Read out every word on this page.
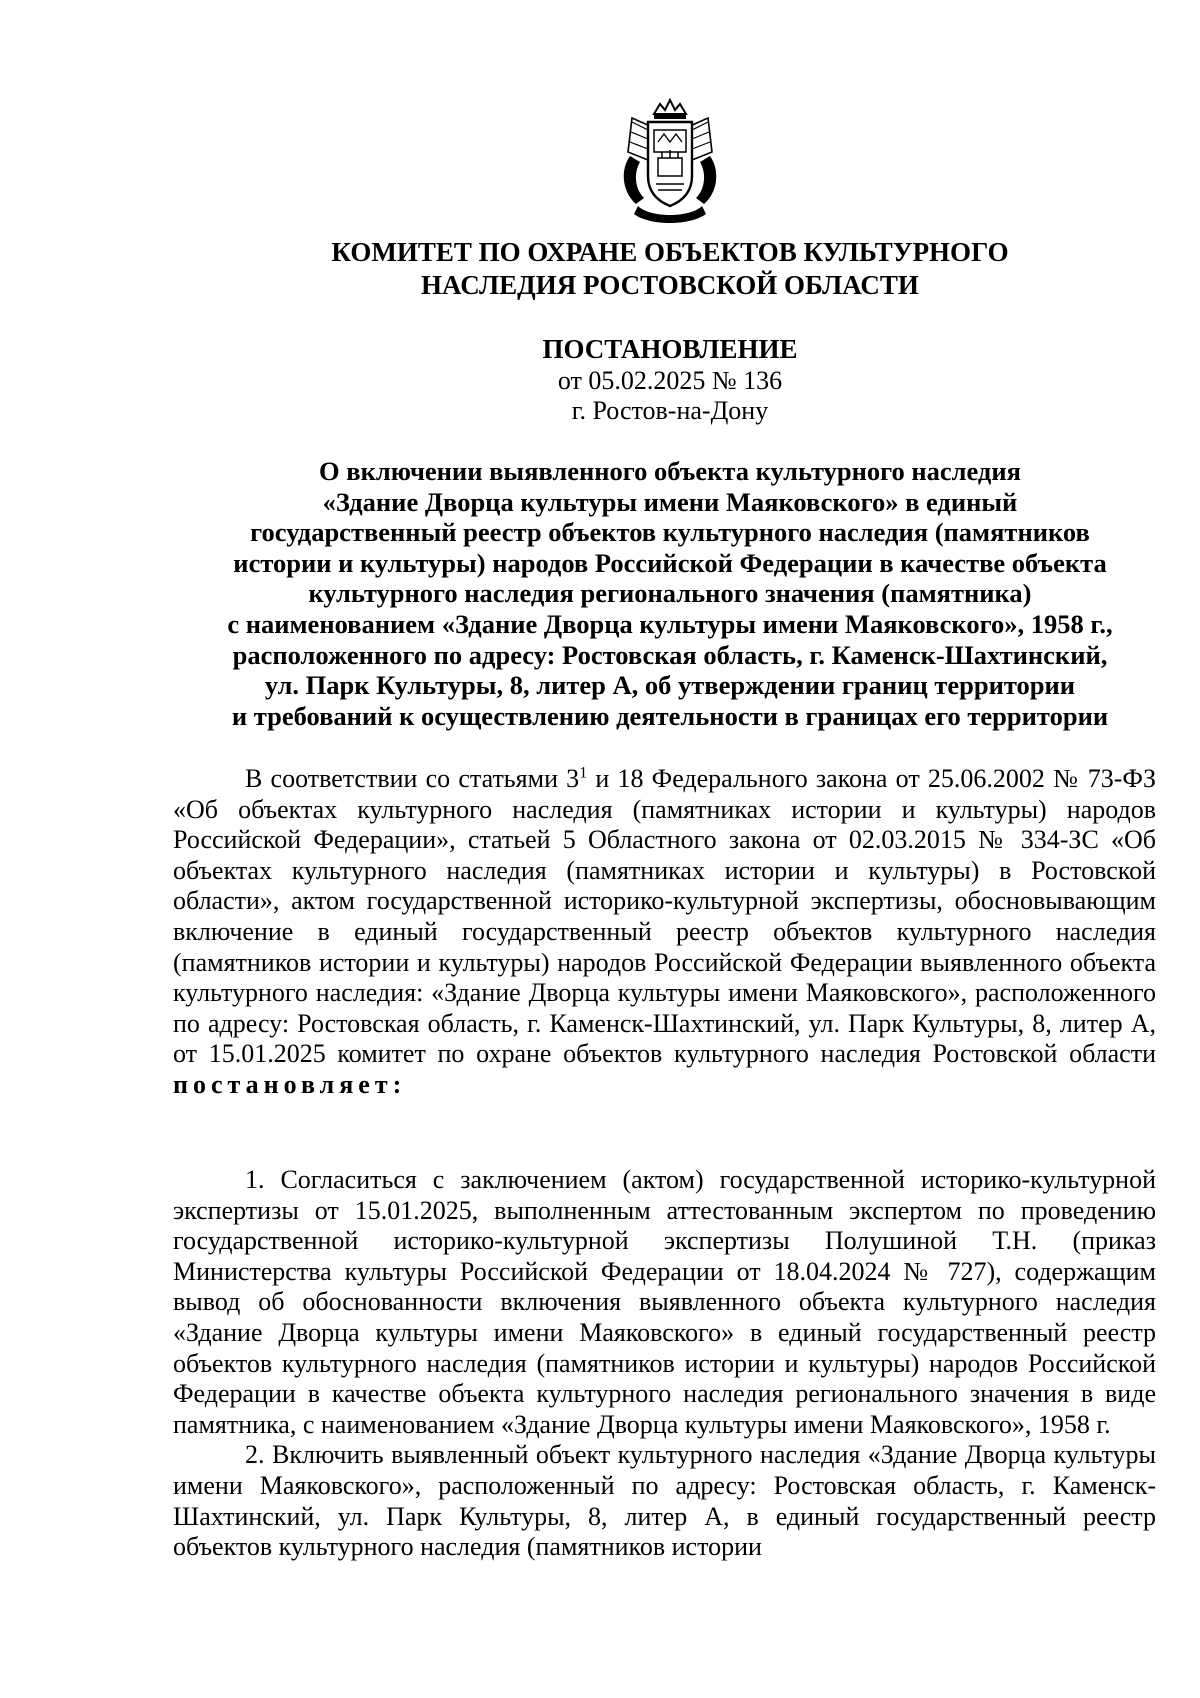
КОМИТЕТ ПО ОХРАНЕ ОБЪЕКТОВ КУЛЬТУРНОГО
НАСЛЕДИЯ РОСТОВСКОЙ ОБЛАСТИ
ПОСТАНОВЛЕНИЕ
от 05.02.2025 № 136
г. Ростов-на-Дону
О включении выявленного объекта культурного наследия
«Здание Дворца культуры имени Маяковского» в единый
государственный реестр объектов культурного наследия (памятников
истории и культуры) народов Российской Федерации в качестве объекта
культурного наследия регионального значения (памятника)
с наименованием «Здание Дворца культуры имени Маяковского», 1958 г.,
расположенного по адресу: Ростовская область, г. Каменск-Шахтинский,
ул. Парк Культуры, 8, литер А, об утверждении границ территории
и требований к осуществлению деятельности в границах его территории

В соответствии со статьями $3^1$ и 18 Федерального закона от 25.06.2002 № 73-ФЗ «Об объектах культурного наследия (памятниках истории и культуры) народов Российской Федерации», статьей 5 Областного закона от 02.03.2015 № 334-ЗС «Об объектах культурного наследия (памятниках истории и культуры) в Ростовской области», актом государственной историко-культурной экспертизы, обосновывающим включение в единый государственный реестр объектов культурного наследия (памятников истории и культуры) народов Российской Федерации выявленного объекта культурного наследия: «Здание Дворца культуры имени Маяковского», расположенного по адресу: Ростовская область, г. Каменск-Шахтинский, ул. Парк Культуры, 8, литер А, от 15.01.2025 комитет по охране объектов культурного наследия Ростовской области постановляет:

1. Согласиться с заключением (актом) государственной историко-культурной экспертизы от 15.01.2025, выполненным аттестованным экспертом по проведению государственной историко-культурной экспертизы Полушиной Т.Н. (приказ Министерства культуры Российской Федерации от 18.04.2024 № 727), содержащим вывод об обоснованности включения выявленного объекта культурного наследия «Здание Дворца культуры имени Маяковского» в единый государственный реестр объектов культурного наследия (памятников истории и культуры) народов Российской Федерации в качестве объекта культурного наследия регионального значения в виде памятника, с наименованием «Здание Дворца культуры имени Маяковского», 1958 г.

2. Включить выявленный объект культурного наследия «Здание Дворца культуры имени Маяковского», расположенный по адресу: Ростовская область, г. Каменск-Шахтинский, ул. Парк Культуры, 8, литер А, в единый государственный реестр объектов культурного наследия (памятников истории
